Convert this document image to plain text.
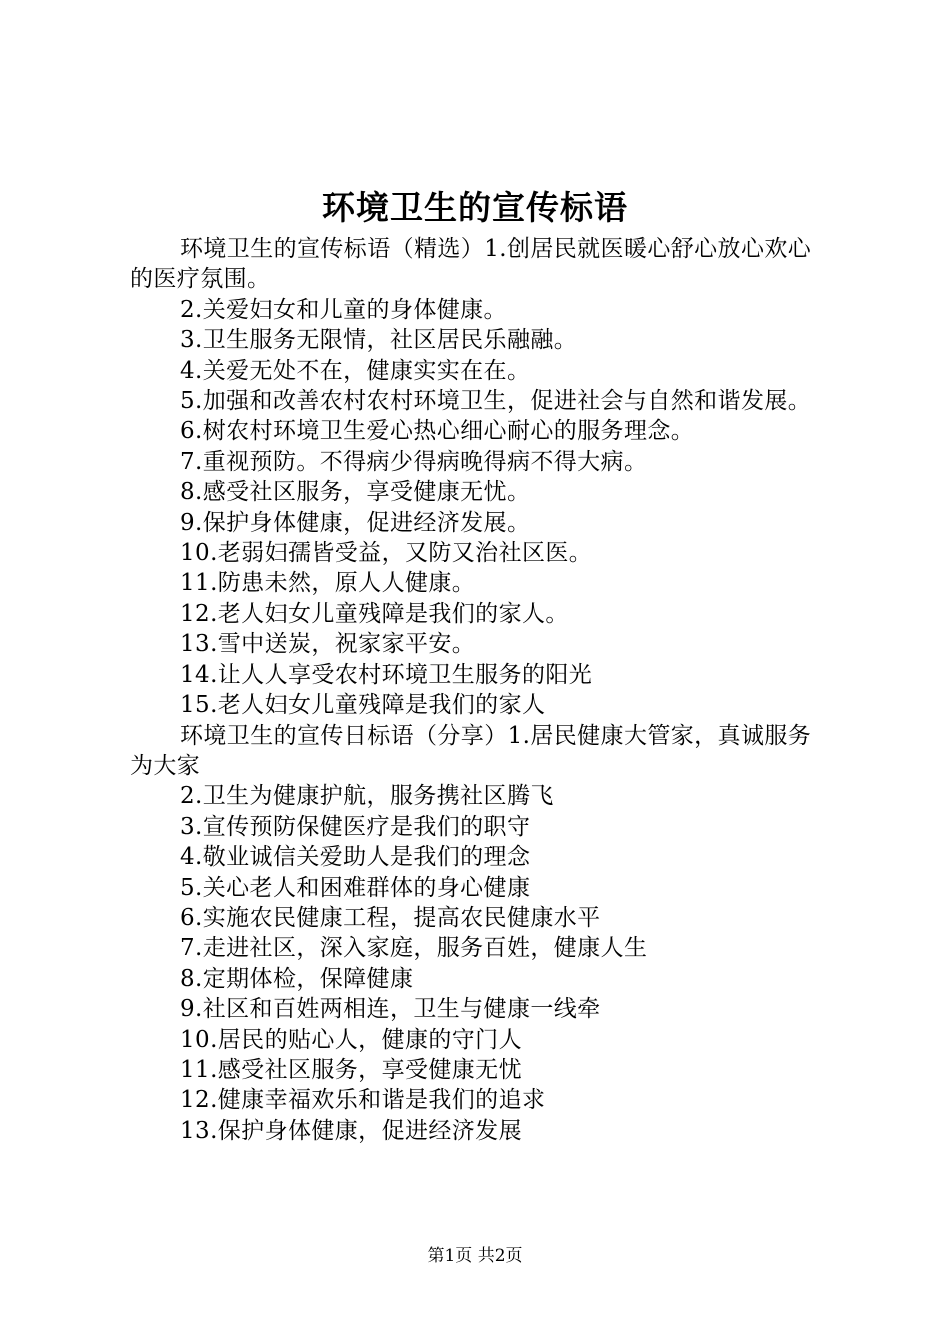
环境卫生的宣传标语

环境卫生的宣传标语（精选）1.创居民就医暖心舒心放心欢心的医疗氛围。

2.关爱妇女和儿童的身体健康。

3.卫生服务无限情，社区居民乐融融。

4.关爱无处不在，健康实实在在。

5.加强和改善农村农村环境卫生，促进社会与自然和谐发展。

6.树农村环境卫生爱心热心细心耐心的服务理念。

7.重视预防。不得病少得病晚得病不得大病。

8.感受社区服务，享受健康无忧。

9.保护身体健康，促进经济发展。

10.老弱妇孺皆受益，又防又治社区医。

11.防患未然，原人人健康。

12.老人妇女儿童残障是我们的家人。

13.雪中送炭，祝家家平安。

14.让人人享受农村环境卫生服务的阳光

15.老人妇女儿童残障是我们的家人

环境卫生的宣传日标语（分享）1.居民健康大管家，真诚服务为大家

2.卫生为健康护航，服务携社区腾飞

3.宣传预防保健医疗是我们的职守

4.敬业诚信关爱助人是我们的理念

5.关心老人和困难群体的身心健康

6.实施农民健康工程，提高农民健康水平

7.走进社区，深入家庭，服务百姓，健康人生

8.定期体检，保障健康

9.社区和百姓两相连，卫生与健康一线牵

10.居民的贴心人，健康的守门人

11.感受社区服务，享受健康无忧

12.健康幸福欢乐和谐是我们的追求

13.保护身体健康，促进经济发展

第1页 共2页
